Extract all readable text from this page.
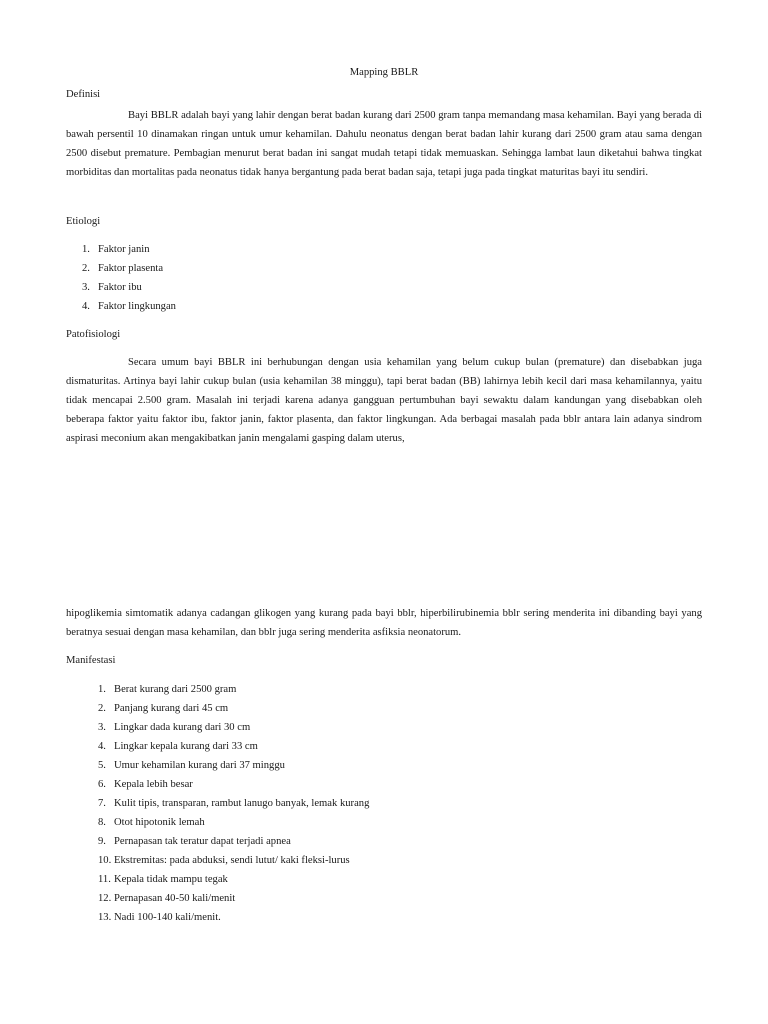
Mapping BBLR
Definisi

Bayi BBLR adalah bayi yang lahir dengan berat badan kurang dari 2500 gram tanpa memandang masa kehamilan. Bayi yang berada di bawah persentil 10 dinamakan ringan untuk umur kehamilan. Dahulu neonatus dengan berat badan lahir kurang dari 2500 gram atau sama dengan 2500 disebut premature. Pembagian menurut berat badan ini sangat mudah tetapi tidak memuaskan. Sehingga lambat laun diketahui bahwa tingkat morbiditas dan mortalitas pada neonatus tidak hanya bergantung pada berat badan saja, tetapi juga pada tingkat maturitas bayi itu sendiri.

Etiologi
1. Faktor janin
2. Faktor plasenta
3. Faktor ibu
4. Faktor lingkungan
Patofisiologi

Secara umum bayi BBLR ini berhubungan dengan usia kehamilan yang belum cukup bulan (premature) dan disebabkan juga dismaturitas. Artinya bayi lahir cukup bulan (usia kehamilan 38 minggu), tapi berat badan (BB) lahirnya lebih kecil dari masa kehamilannya, yaitu tidak mencapai 2.500 gram. Masalah ini terjadi karena adanya gangguan pertumbuhan bayi sewaktu dalam kandungan yang disebabkan oleh beberapa faktor yaitu faktor ibu, faktor janin, faktor plasenta, dan faktor lingkungan. Ada berbagai masalah pada bblr antara lain adanya sindrom aspirasi meconium akan mengakibatkan janin mengalami gasping dalam uterus,

hipoglikemia simtomatik adanya cadangan glikogen yang kurang pada bayi bblr, hiperbilirubinemia bblr sering menderita ini dibanding bayi yang beratnya sesuai dengan masa kehamilan, dan bblr juga sering menderita asfiksia neonatorum.

Manifestasi
1. Berat kurang dari 2500 gram
2. Panjang kurang dari 45 cm
3. Lingkar dada kurang dari 30 cm
4. Lingkar kepala kurang dari 33 cm
5. Umur kehamilan kurang dari 37 minggu
6. Kepala lebih besar
7. Kulit tipis, transparan, rambut lanugo banyak, lemak kurang
8. Otot hipotonik lemah
9. Pernapasan tak teratur dapat terjadi apnea
10. Ekstremitas: pada abduksi, sendi lutut/ kaki fleksi-lurus
11. Kepala tidak mampu tegak
12. Pernapasan 40-50 kali/menit
13. Nadi 100-140 kali/menit.
